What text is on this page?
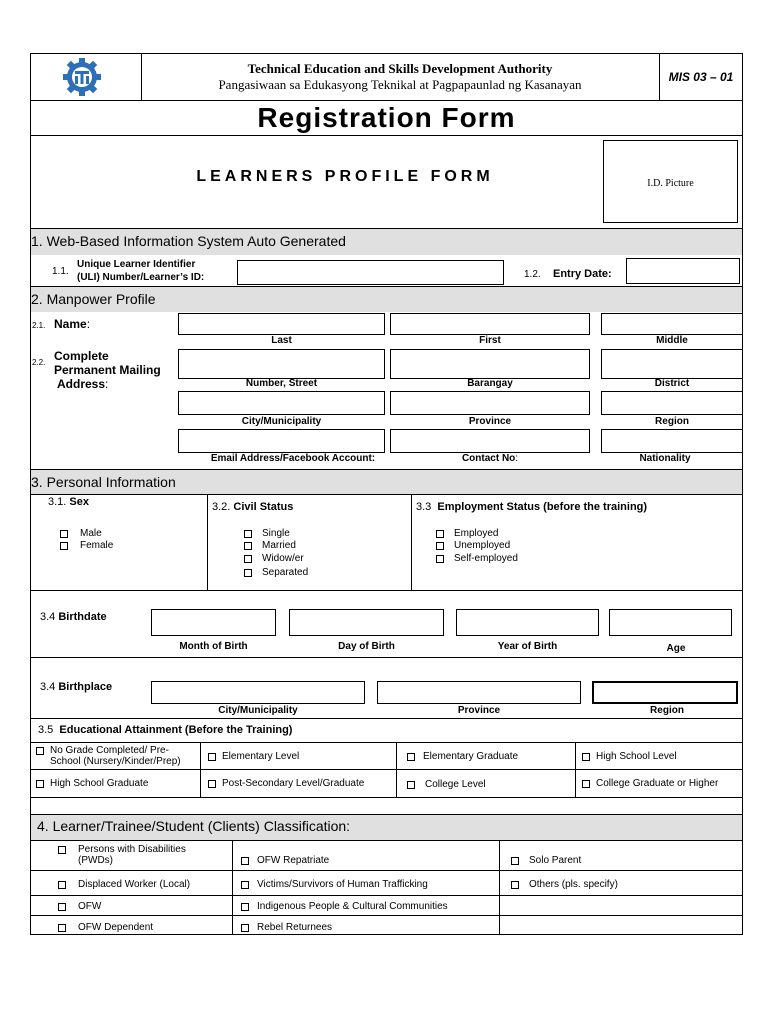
Technical Education and Skills Development Authority
Pangasiwaan sa Edukasyong Teknikal at Pagpapaunlad ng Kasanayan	MIS 03 – 01
Registration Form
LEARNERS PROFILE FORM	I.D. Picture
1. Web-Based Information System Auto Generated
1.1.
Unique Learner Identifier
(ULI) Number/Learner’s ID:	1.2. Entry Date:
2. Manpower Profile
2.1. Name:
Last	First	Middle
2.2. Complete
Permanent Mailing
Address:	Number, Street	Barangay	District
City/Municipality	Province	Region
Email Address/Facebook Account:	Contact No:	Nationality
3. Personal Information
3.1. Sex
Male
Female
3.2. Civil Status
Single
Married
Widow/er
Separated
3.3 Employment Status (before the training)
Employed
Unemployed
Self-employed
3.4 Birthdate
Month of Birth	Day of Birth	Year of Birth	Age
3.4 Birthplace
City/Municipality	Province	Region
3.5 Educational Attainment (Before the Training)
No Grade Completed/ Pre-
School (Nursery/Kinder/Prep)	Elementary Level	Elementary Graduate	High School Level
High School Graduate	Post-Secondary Level/Graduate	College Level	College Graduate or Higher
4. Learner/Trainee/Student (Clients) Classification:
Persons with Disabilities
(PWDs)	OFW Repatriate	Solo Parent
Displaced Worker (Local)	Victims/Survivors of Human Trafficking	Others (pls. specify)
OFW	Indigenous People & Cultural Communities
OFW Dependent	Rebel Returnees
